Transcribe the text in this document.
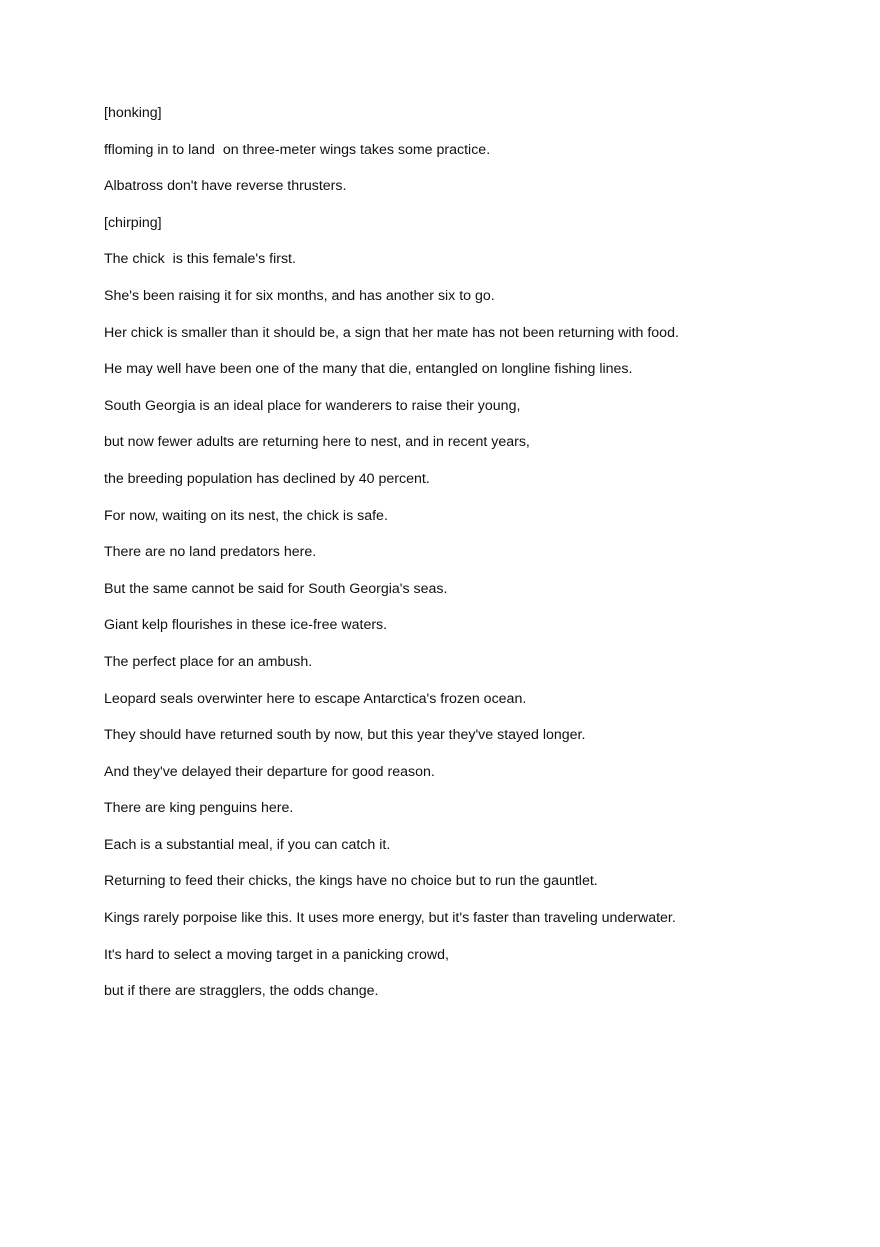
[honking]
ffloming in to land  on three-meter wings takes some practice.
Albatross don't have reverse thrusters.
[chirping]
The chick  is this female's first.
She's been raising it for six months, and has another six to go.
Her chick is smaller than it should be, a sign that her mate has not been returning with food.
He may well have been one of the many that die, entangled on longline fishing lines.
South Georgia is an ideal place for wanderers to raise their young,
but now fewer adults are returning here to nest, and in recent years,
the breeding population has declined by 40 percent.
For now, waiting on its nest, the chick is safe.
There are no land predators here.
But the same cannot be said for South Georgia's seas.
Giant kelp flourishes in these ice-free waters.
The perfect place for an ambush.
Leopard seals overwinter here to escape Antarctica's frozen ocean.
They should have returned south by now, but this year they've stayed longer.
And they've delayed their departure for good reason.
There are king penguins here.
Each is a substantial meal, if you can catch it.
Returning to feed their chicks, the kings have no choice but to run the gauntlet.
Kings rarely porpoise like this. It uses more energy, but it's faster than traveling underwater.
It's hard to select a moving target in a panicking crowd,
but if there are stragglers, the odds change.
